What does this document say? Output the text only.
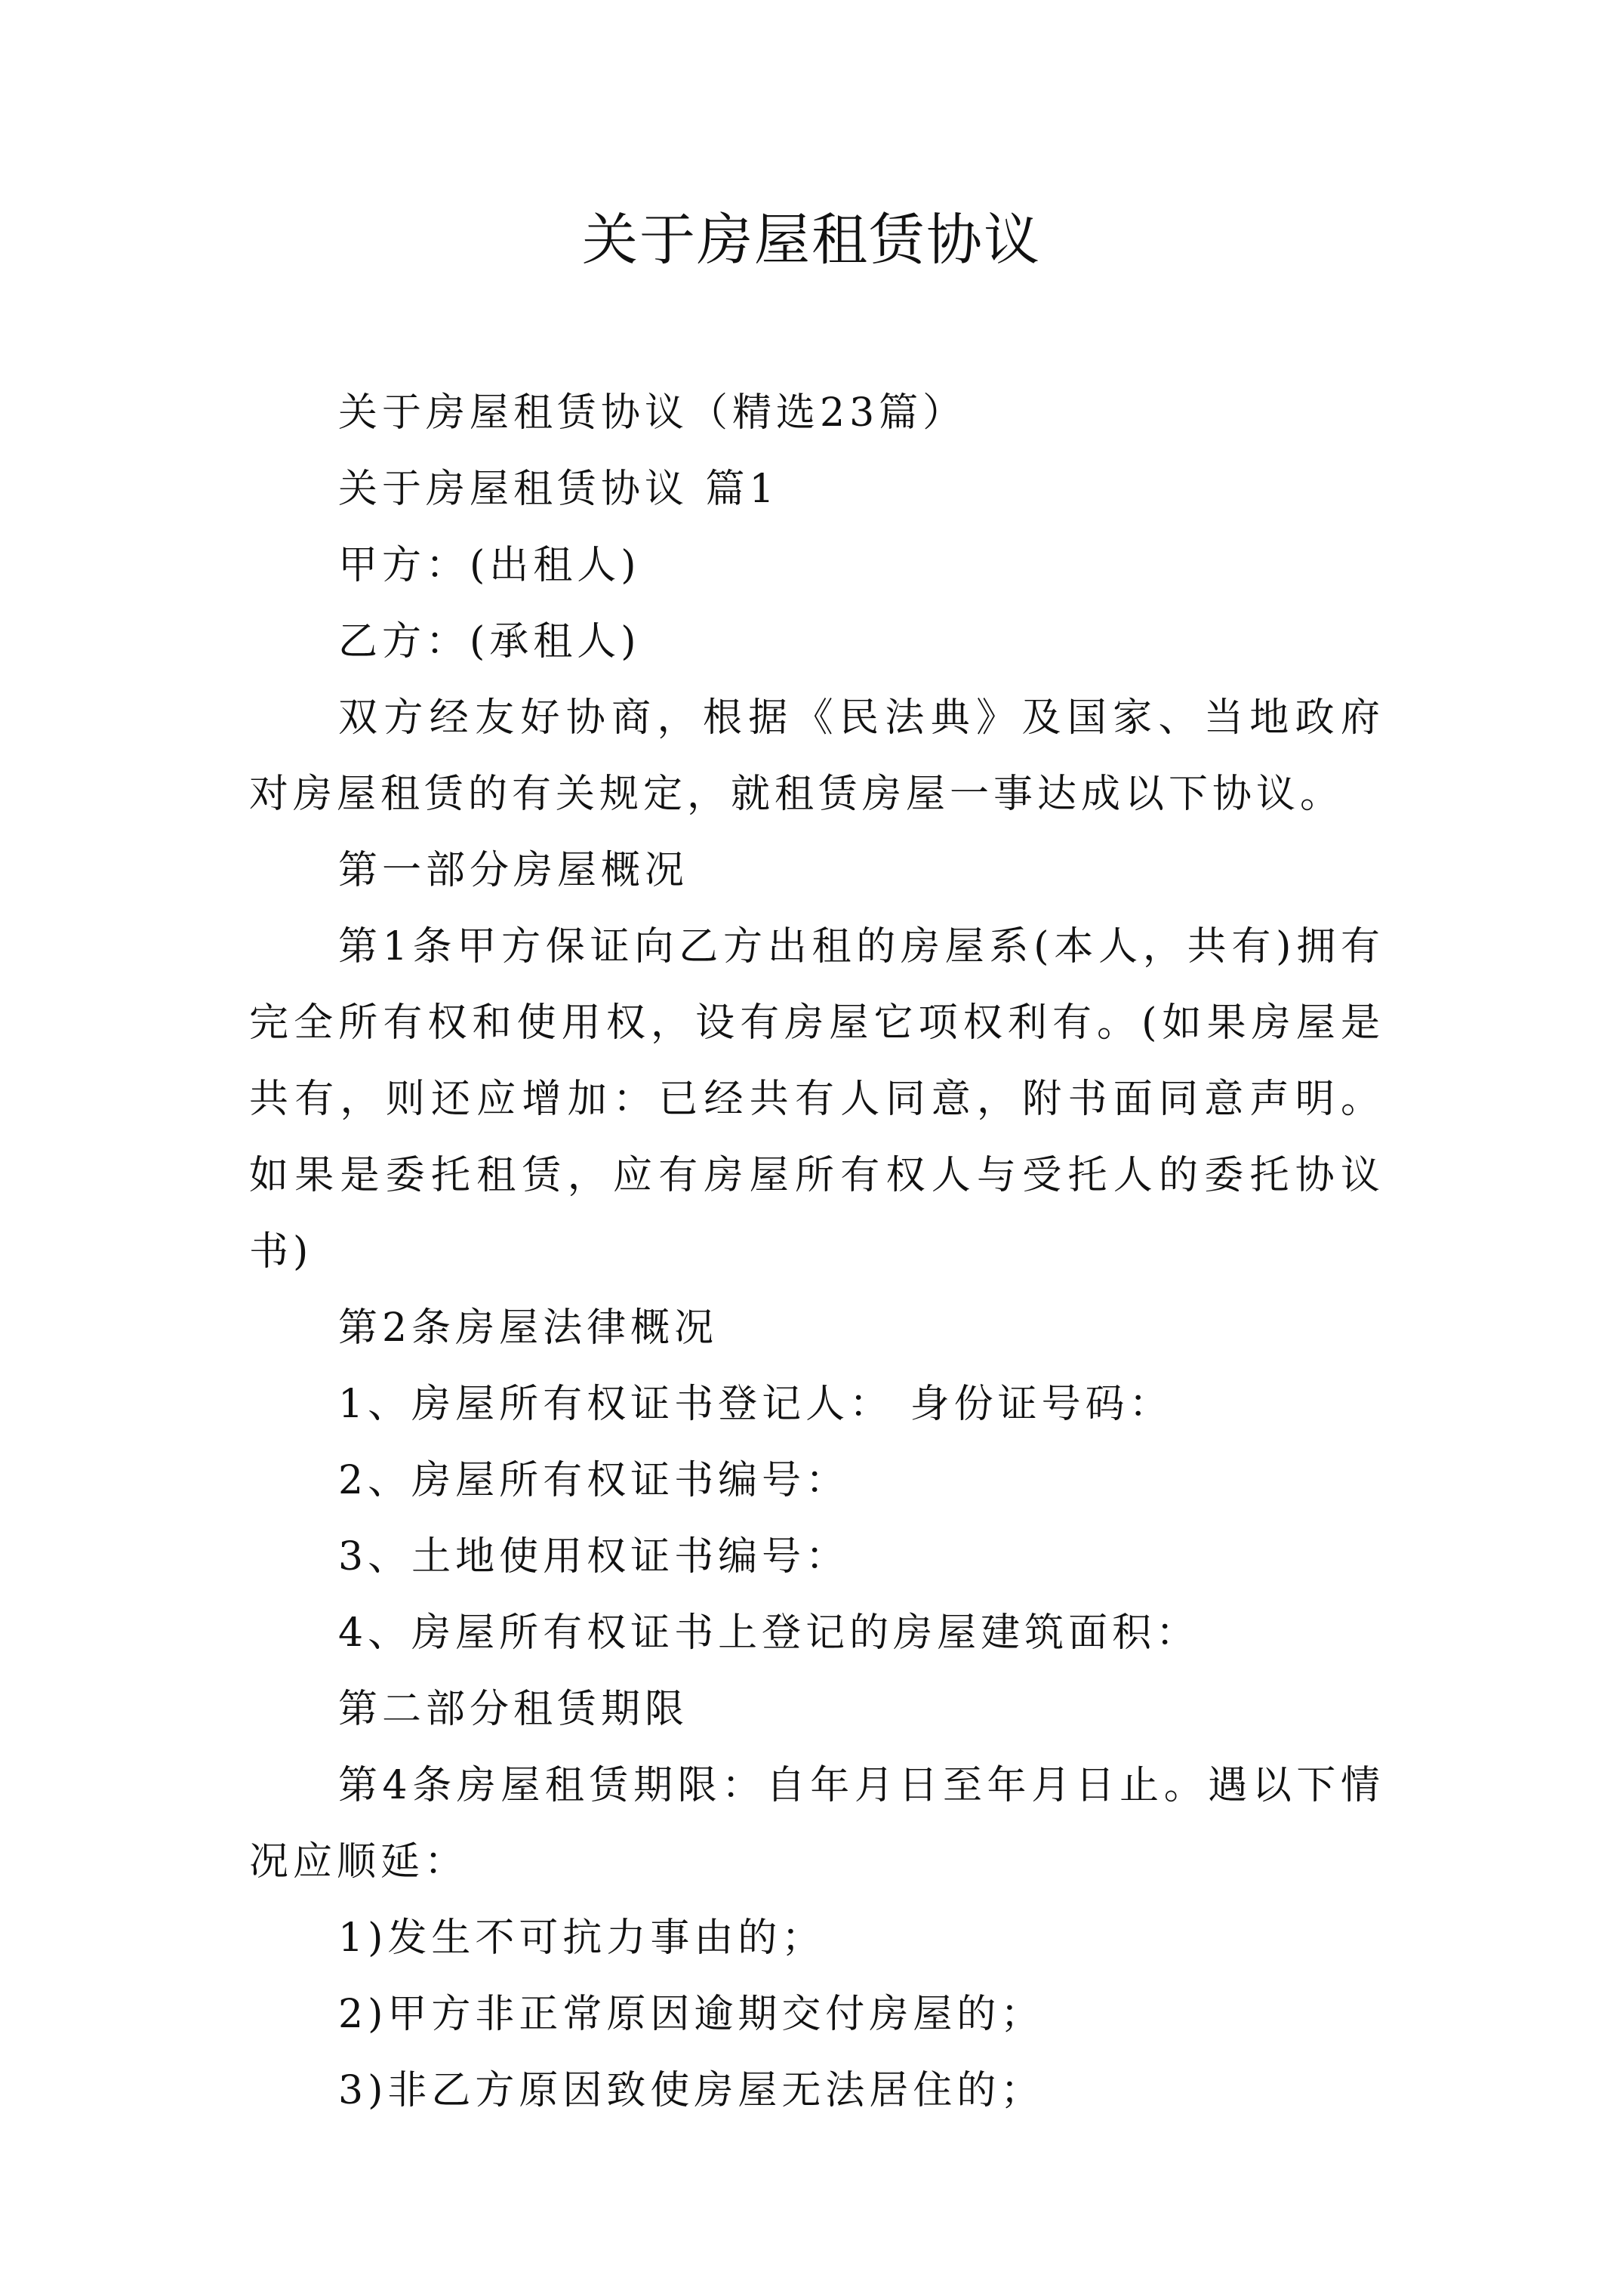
关于房屋租赁协议

关于房屋租赁协议（精选23篇）

关于房屋租赁协议 篇1

甲方：(出租人)

乙方：(承租人)

双方经友好协商，根据《民法典》及国家、当地政府对房屋租赁的有关规定，就租赁房屋一事达成以下协议。

第一部分房屋概况

第1条甲方保证向乙方出租的房屋系(本人，共有)拥有完全所有权和使用权，设有房屋它项权利有。(如果房屋是共有，则还应增加：已经共有人同意，附书面同意声明。如果是委托租赁，应有房屋所有权人与受托人的委托协议书)

第2条房屋法律概况

1、房屋所有权证书登记人： 身份证号码：

2、房屋所有权证书编号：

3、土地使用权证书编号：

4、房屋所有权证书上登记的房屋建筑面积：

第二部分租赁期限

第4条房屋租赁期限：自年月日至年月日止。遇以下情况应顺延：

1)发生不可抗力事由的；

2)甲方非正常原因逾期交付房屋的；

3)非乙方原因致使房屋无法居住的；
